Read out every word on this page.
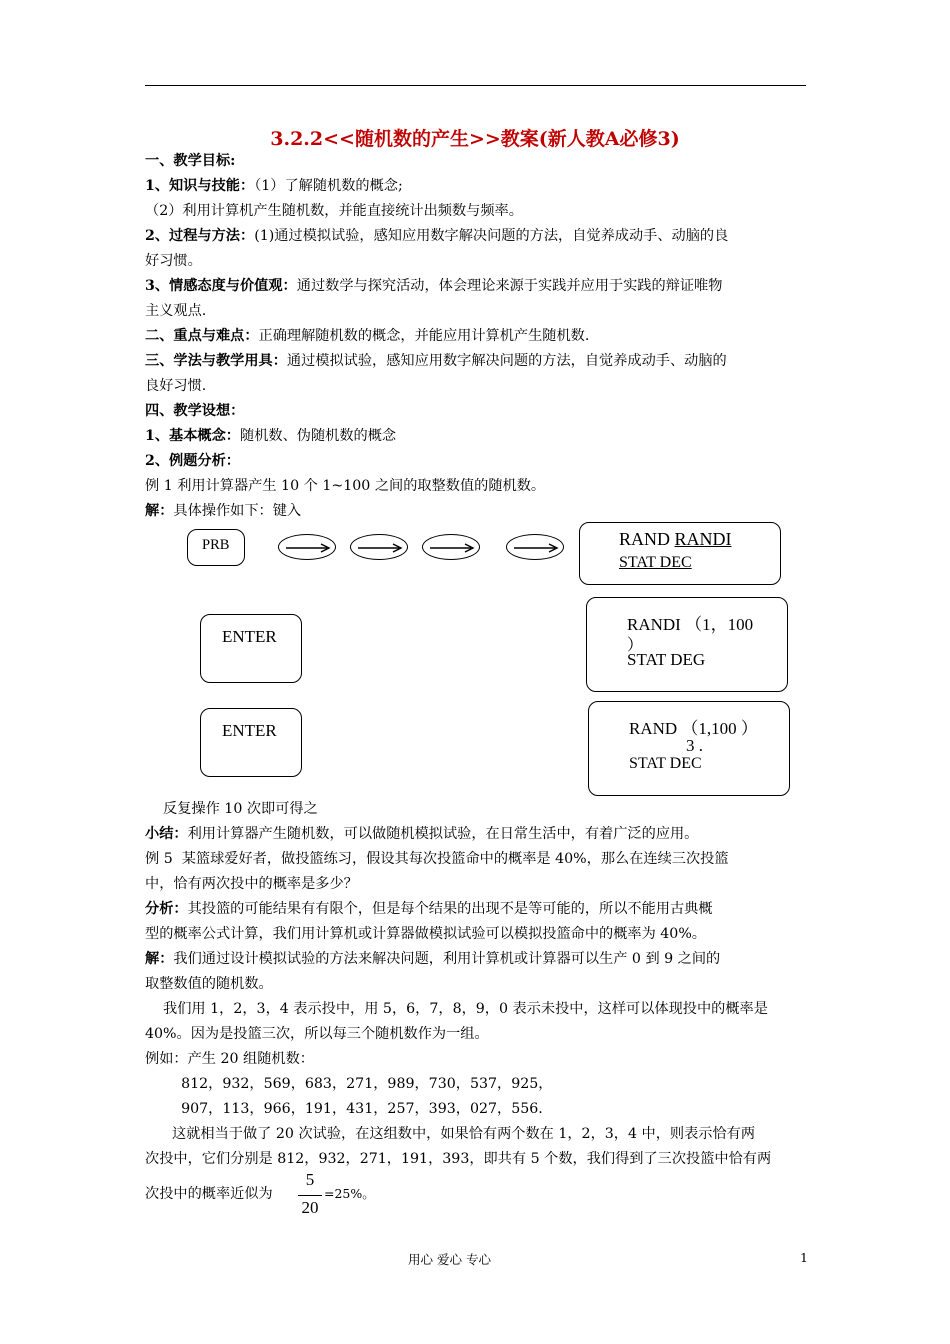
3.2.2<<随机数的产生>>教案(新人教A必修3)
一、教学目标:
1、知识与技能：（1）了解随机数的概念;
（2）利用计算机产生随机数，并能直接统计出频数与频率。
2、过程与方法：(1)通过模拟试验，感知应用数字解决问题的方法，自觉养成动手、动脑的良
好习惯。
3、情感态度与价值观：通过数学与探究活动，体会理论来源于实践并应用于实践的辩证唯物
主义观点.
二、重点与难点：正确理解随机数的概念，并能应用计算机产生随机数.
三、学法与教学用具：通过模拟试验，感知应用数字解决问题的方法，自觉养成动手、动脑的
良好习惯.
四、教学设想：
1、基本概念：随机数、伪随机数的概念
2、例题分析：
例 1 利用计算器产生 10 个 1~100 之间的取整数值的随机数。
解：具体操作如下：键入
PRB	RAND RANDI
STAT DEC
ENTER
RANDI （1，100
）
STAT DEG
ENTER	RAND （1,100 ）
3 .
STAT DEC
反复操作 10 次即可得之
小结：利用计算器产生随机数，可以做随机模拟试验，在日常生活中，有着广泛的应用。
例 5  某篮球爱好者，做投篮练习，假设其每次投篮命中的概率是 40%，那么在连续三次投篮
中，恰有两次投中的概率是多少？
分析：其投篮的可能结果有有限个，但是每个结果的出现不是等可能的，所以不能用古典概
型的概率公式计算，我们用计算机或计算器做模拟试验可以模拟投篮命中的概率为 40%。
解：我们通过设计模拟试验的方法来解决问题，利用计算机或计算器可以生产 0 到 9 之间的
取整数值的随机数。
我们用 1，2，3，4 表示投中，用 5，6，7，8，9，0 表示未投中，这样可以体现投中的概率是
40%。因为是投篮三次，所以每三个随机数作为一组。
例如：产生 20 组随机数：
812，932，569，683，271，989，730，537，925，
907，113，966，191，431，257，393，027，556.
这就相当于做了 20 次试验，在这组数中，如果恰有两个数在 1，2，3，4 中，则表示恰有两
次投中，它们分别是 812，932，271，191，393，即共有 5 个数，我们得到了三次投篮中恰有两
次投中的概率近似为
5
20
=25%。
用心 爱心 专心	1
